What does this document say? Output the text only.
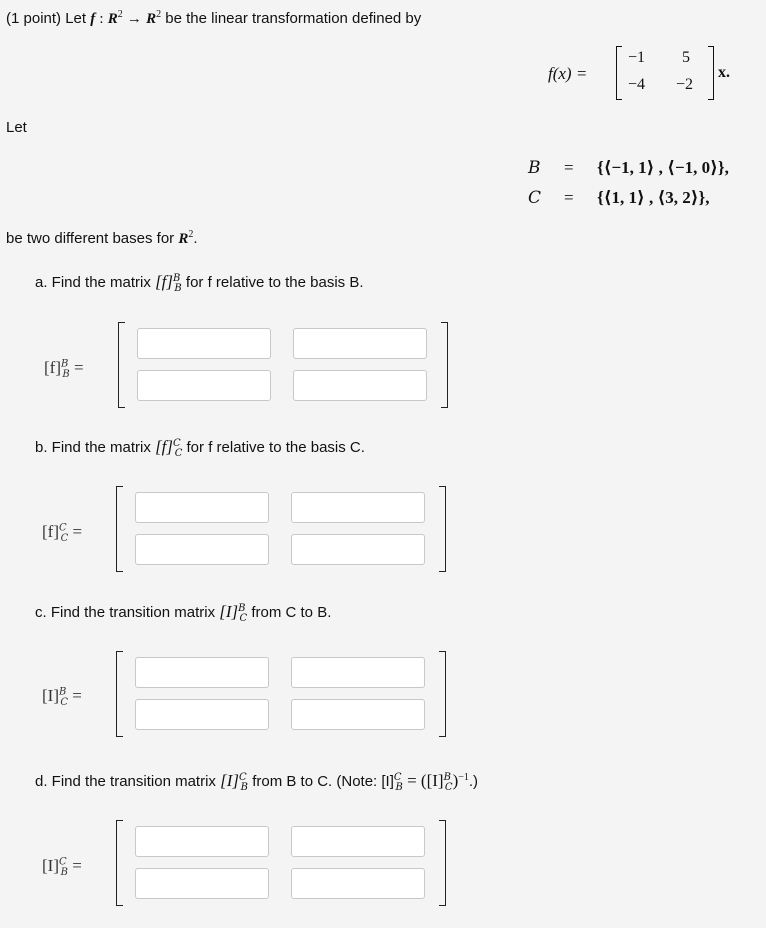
(1 point) Let f : $R^2 \to R^2$ be the linear transformation defined by
f(x) =
−1 5
−4 −2
x.
Let
B = {⟨−1, 1⟩ , ⟨−1, 0⟩},
C = {⟨1, 1⟩ , ⟨3, 2⟩},
be two different bases for $R^2$.
a. Find the matrix $[f]^B_B$ for f relative to the basis B.
$[f]^B_B$ =
b. Find the matrix $[f]^C_C$ for f relative to the basis C.
$[f]^C_C$ =
c. Find the transition matrix $[I]^B_C$ from C to B.
$[I]^B_C$ =
d. Find the transition matrix $[I]^C_B$ from B to C. (Note: $[I]^C_B = ([I]^B_C)^{-1}$.)
$[I]^C_B$ =
